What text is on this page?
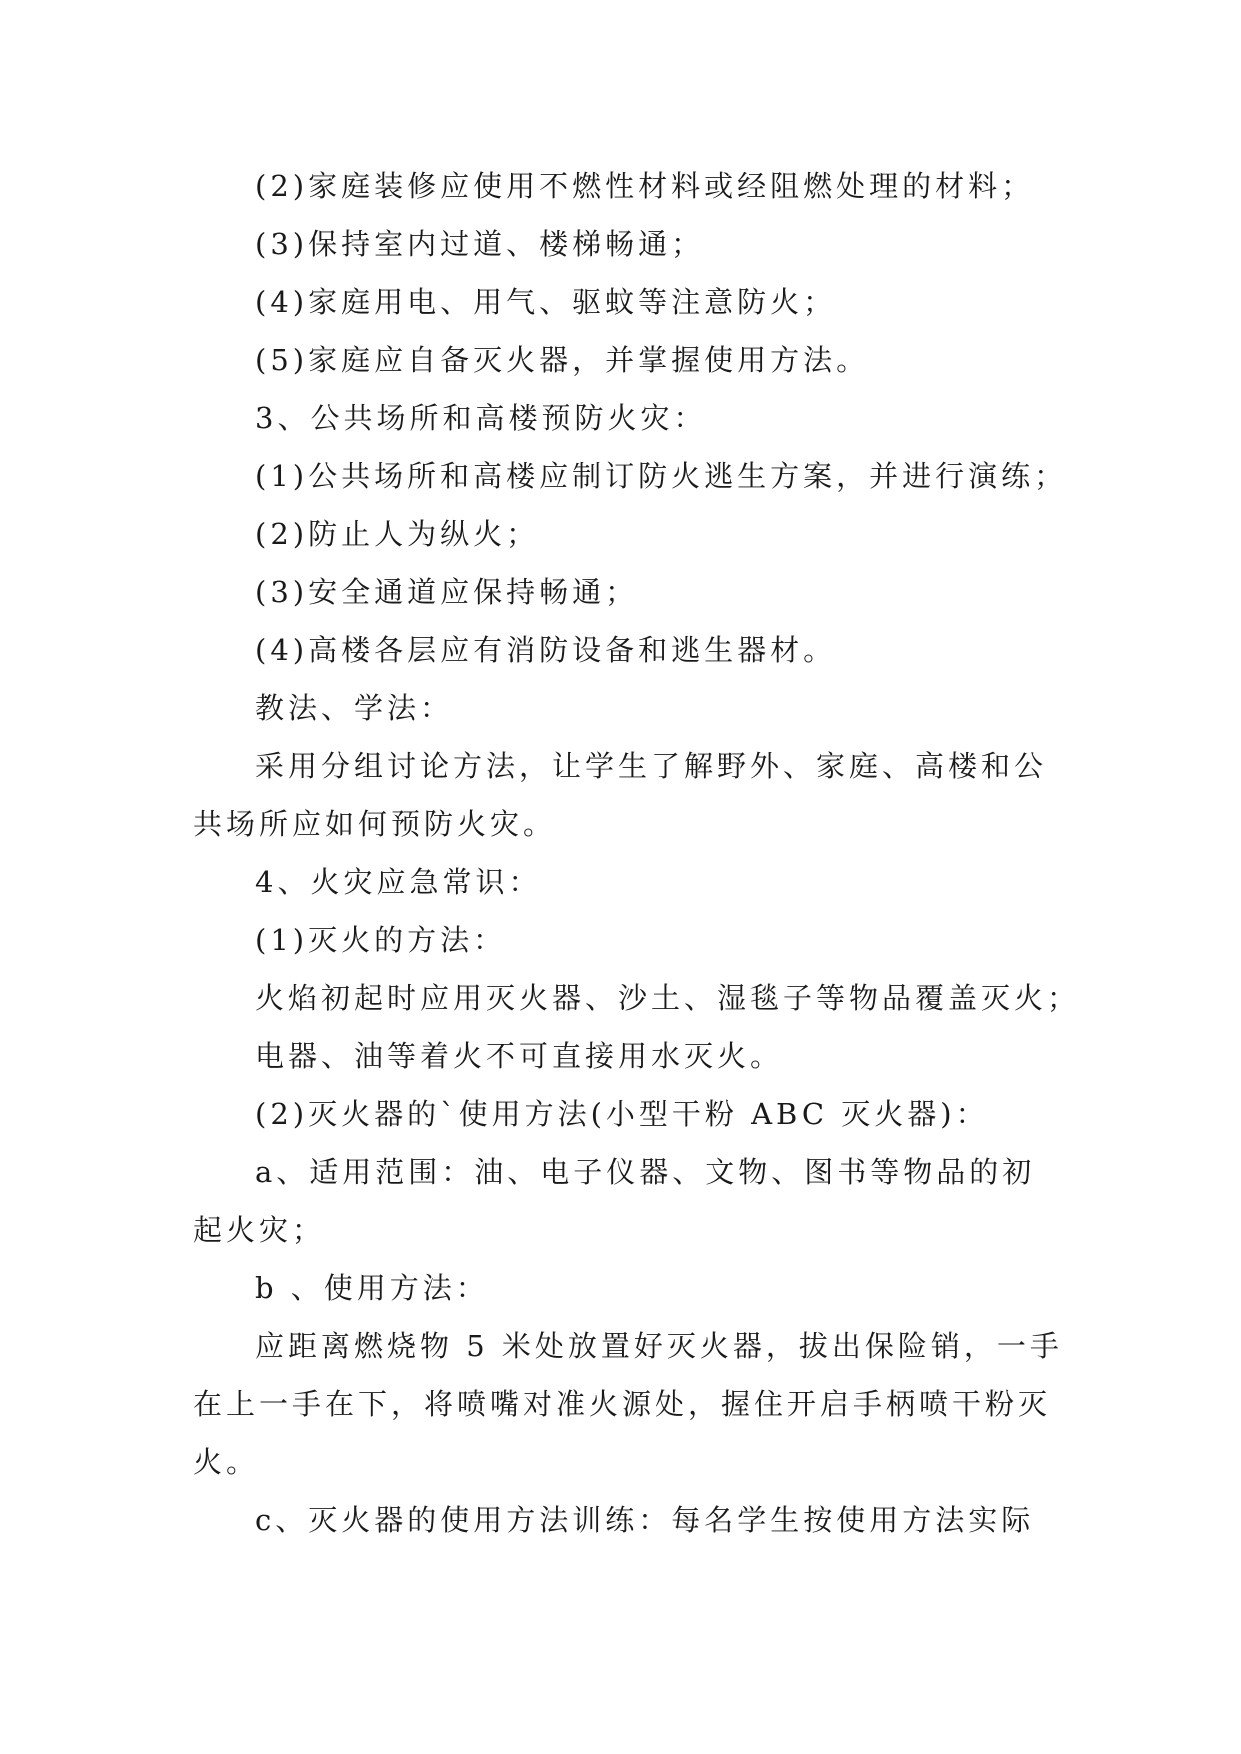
(2)家庭装修应使用不燃性材料或经阻燃处理的材料；
(3)保持室内过道、楼梯畅通；
(4)家庭用电、用气、驱蚊等注意防火；
(5)家庭应自备灭火器，并掌握使用方法。
3、公共场所和高楼预防火灾：
(1)公共场所和高楼应制订防火逃生方案，并进行演练；
(2)防止人为纵火；
(3)安全通道应保持畅通；
(4)高楼各层应有消防设备和逃生器材。
教法、学法：
采用分组讨论方法，让学生了解野外、家庭、高楼和公
共场所应如何预防火灾。
4、火灾应急常识：
(1)灭火的方法：
火焰初起时应用灭火器、沙土、湿毯子等物品覆盖灭火；
电器、油等着火不可直接用水灭火。
(2)灭火器的`使用方法(小型干粉 ABC 灭火器)：
a、适用范围：油、电子仪器、文物、图书等物品的初
起火灾；
b 、使用方法：
应距离燃烧物 5 米处放置好灭火器，拔出保险销，一手
在上一手在下，将喷嘴对准火源处，握住开启手柄喷干粉灭
火。
c、灭火器的使用方法训练：每名学生按使用方法实际
